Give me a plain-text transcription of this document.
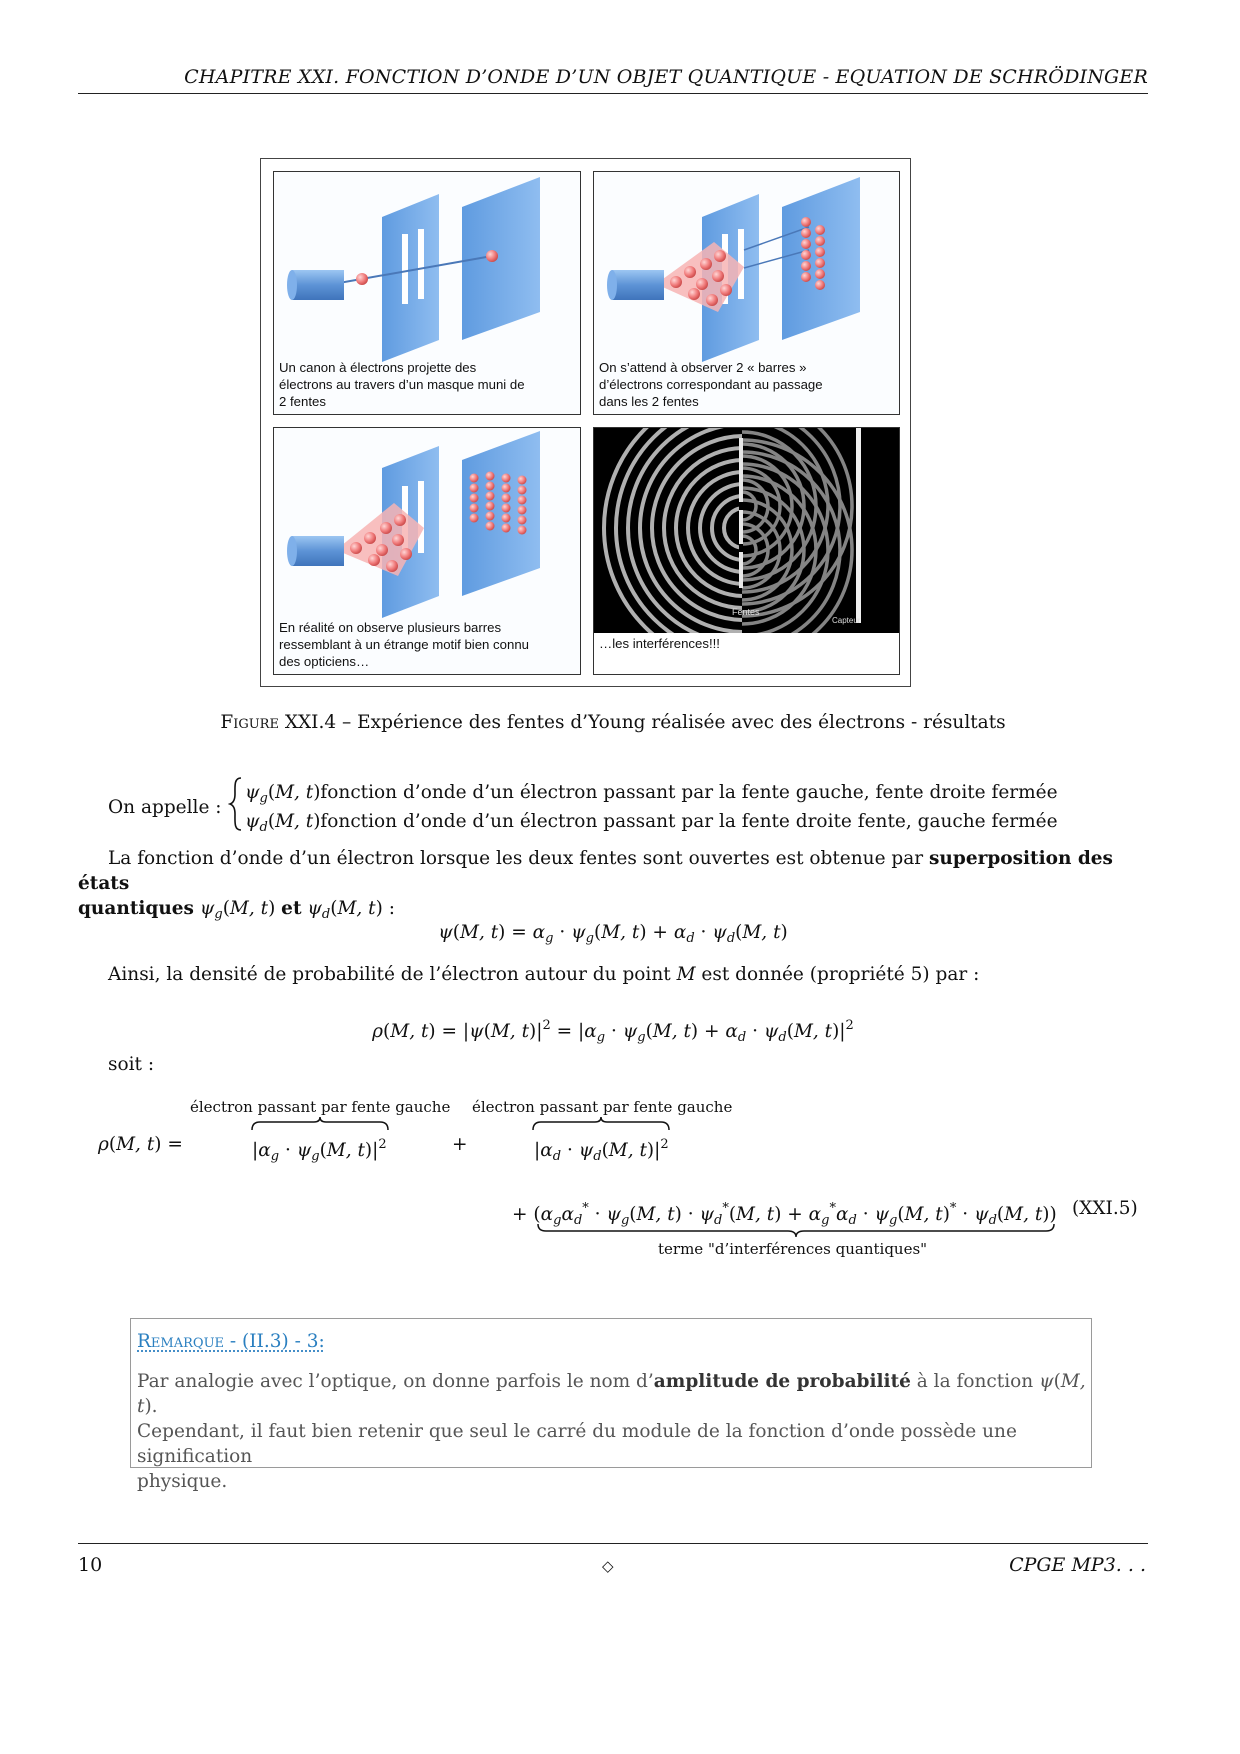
CHAPITRE XXI. FONCTION D’ONDE D’UN OBJET QUANTIQUE - EQUATION DE SCHRÖDINGER
Un canon à électrons projette des
électrons au travers d’un masque muni de
2 fentes
On s’attend à observer 2 « barres »
d’électrons correspondant au passage
dans les 2 fentes
En réalité on observe plusieurs barres
ressemblant à un étrange motif bien connu
des opticiens…
Fentes
Capteur
…les interférences!!!
Figure XXI.4 – Expérience des fentes d’Young réalisée avec des électrons - résultats
On appelle :
$\psi_g(M$, t)fonction d’onde d’un électron passant par la fente gauche, fente droite fermée
$\psi_d(M$, t)fonction d’onde d’un électron passant par la fente droite fente, gauche fermée
La fonction d’onde d’un électron lorsque les deux fentes sont ouvertes est obtenue par superposition des états
quantiques $\psi_g(M$, t) et $\psi_d(M$, t) :
ψ(M, $t) = \alpha_g \cdot \psi_g(M$, $t) + \alpha_d \cdot \psi_d(M$, t)
Ainsi, la densité de probabilité de l’électron autour du point M est donnée (propriété 5) par :
ρ(M, t) = |ψ(M, $t)|^2 = |\alpha_g \cdot \psi_g(M$, $t) + \alpha_d \cdot \psi_d(M$, $t)|^2$
soit :
électron passant par fente gauche électron passant par fente gauche
ρ(M, t) =	$|\alpha_g \cdot \psi_g(M$, $t)|^2$	+	$|\alpha_d \cdot \psi_d(M$, $t)|^2$
+ ($\alpha_g\alpha_d^* \cdot \psi_g(M$, $t) \cdot \psi_d^*(M$, $t) + \alpha_g^*\alpha_d \cdot \psi_g(M$, $t)^* \cdot \psi_d(M$, t)) (XXI.5)
terme "d’interférences quantiques"
Remarque - (II.3) - 3:
Par analogie avec l’optique, on donne parfois le nom d’amplitude de probabilité à la fonction ψ(M, t).
Cependant, il faut bien retenir que seul le carré du module de la fonction d’onde possède une signification
physique.
10	◇	CPGE MP3. . .
